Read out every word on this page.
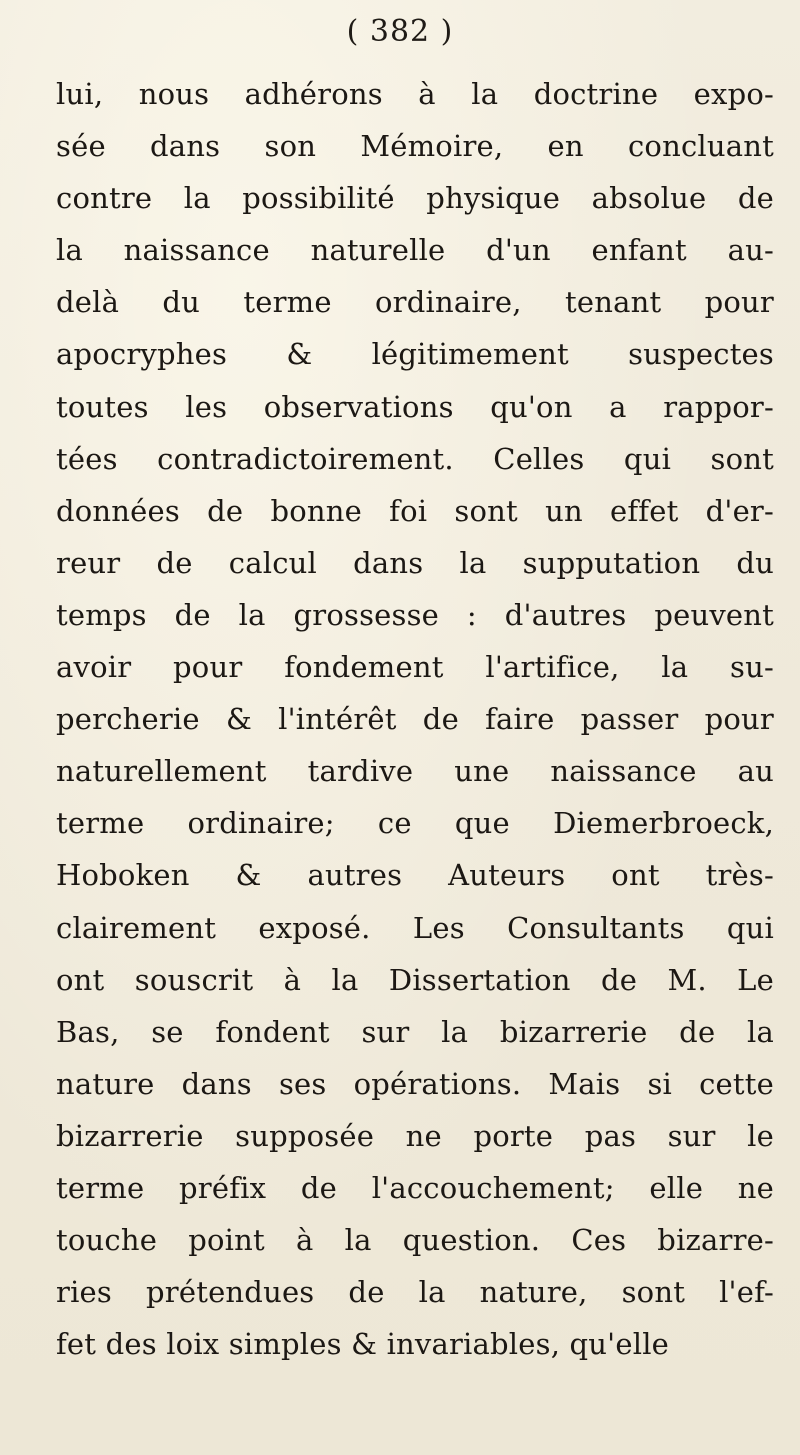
( 382 )
lui, nous adhérons à la doctrine expo-
sée dans son Mémoire, en concluant
contre la possibilité physique absolue de
la naissance naturelle d'un enfant au-
delà du terme ordinaire, tenant pour
apocryphes & légitimement suspectes
toutes les observations qu'on a rappor-
tées contradictoirement. Celles qui sont
données de bonne foi sont un effet d'er-
reur de calcul dans la supputation du
temps de la grossesse : d'autres peuvent
avoir pour fondement l'artifice, la su-
percherie & l'intérêt de faire passer pour
naturellement tardive une naissance au
terme ordinaire; ce que Diemerbroeck,
Hoboken & autres Auteurs ont très-
clairement exposé. Les Consultants qui
ont souscrit à la Dissertation de M. Le
Bas, se fondent sur la bizarrerie de la
nature dans ses opérations. Mais si cette
bizarrerie supposée ne porte pas sur le
terme préfix de l'accouchement; elle ne
touche point à la question. Ces bizarre-
ries prétendues de la nature, sont l'ef-
fet des loix simples & invariables, qu'elle
